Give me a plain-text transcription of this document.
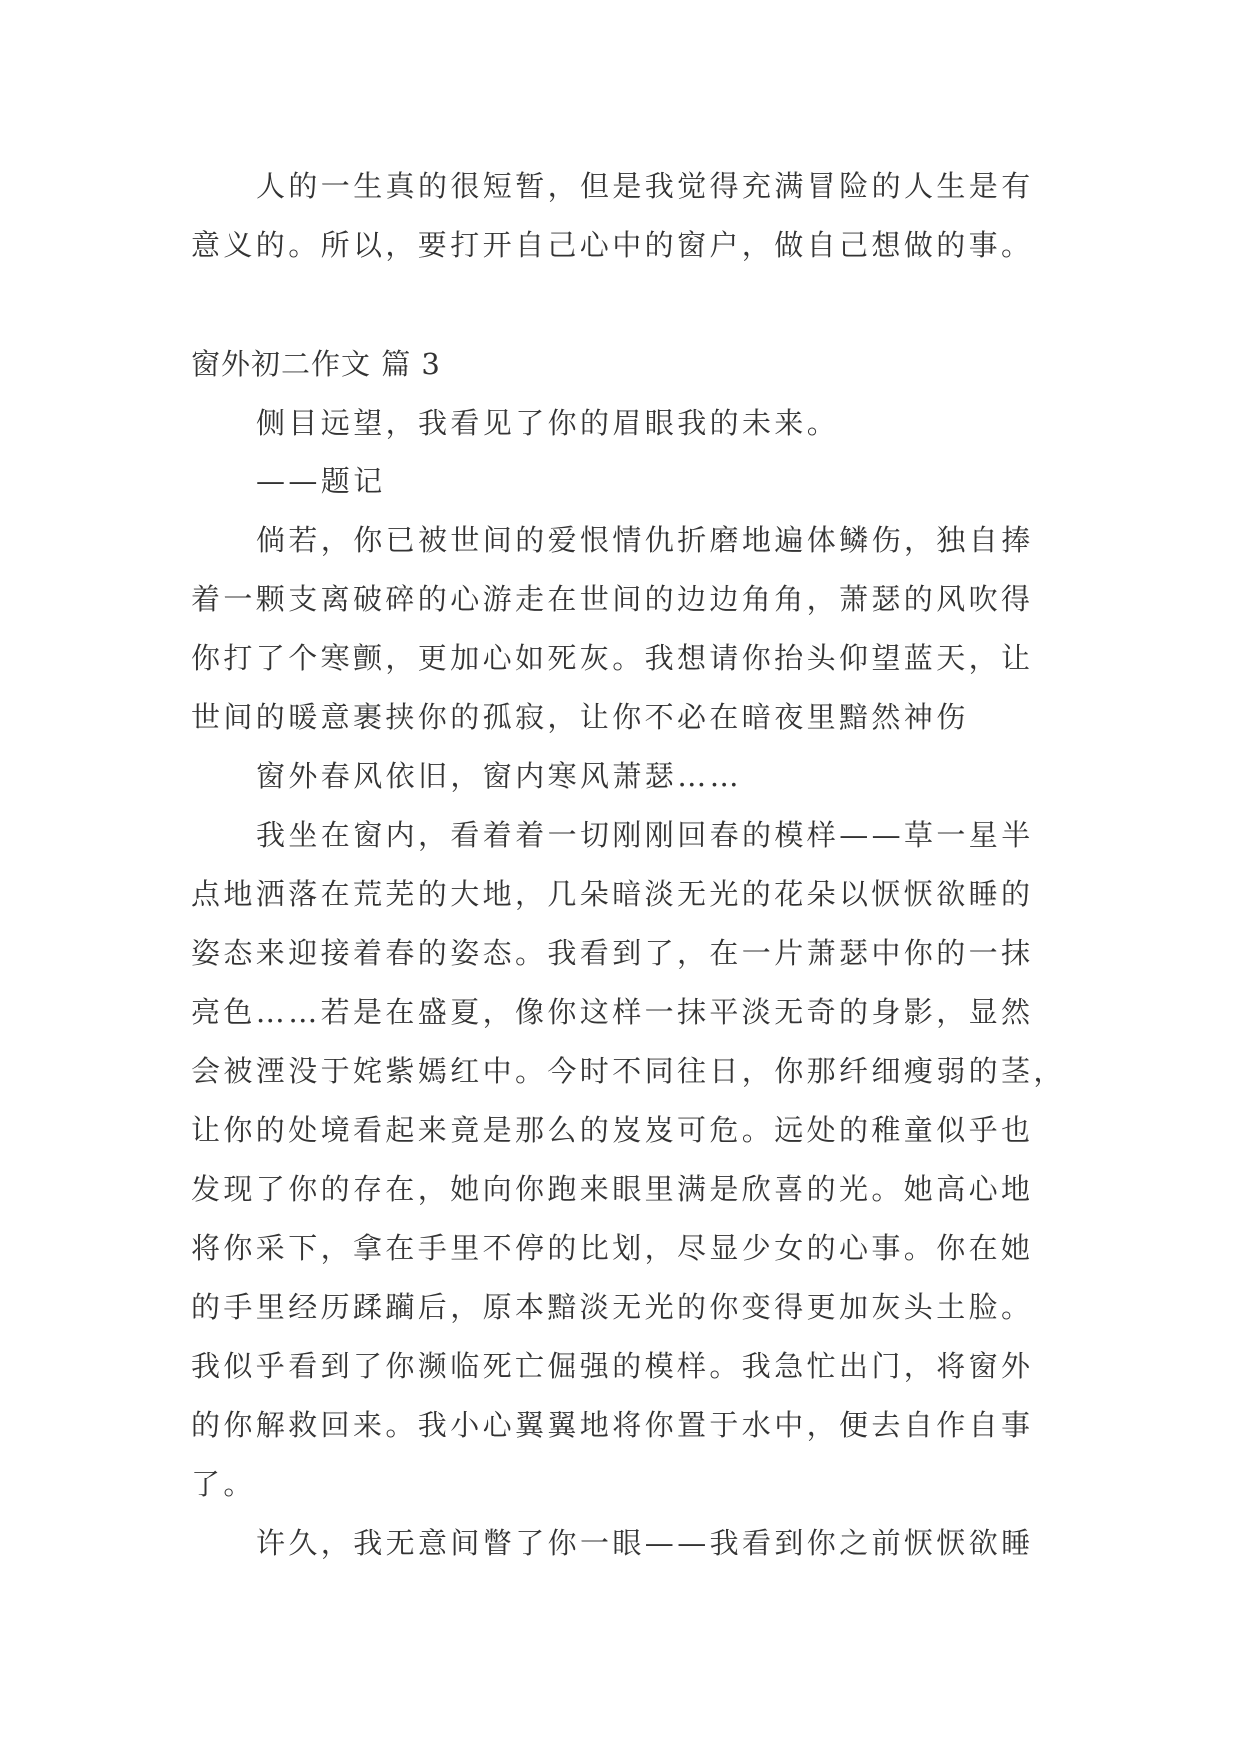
人的一生真的很短暂，但是我觉得充满冒险的人生是有
意义的。所以，要打开自己心中的窗户，做自己想做的事。
窗外初二作文 篇 3
侧目远望，我看见了你的眉眼我的未来。
——题记
倘若，你已被世间的爱恨情仇折磨地遍体鳞伤，独自捧
着一颗支离破碎的心游走在世间的边边角角，萧瑟的风吹得
你打了个寒颤，更加心如死灰。我想请你抬头仰望蓝天，让
世间的暖意裹挟你的孤寂，让你不必在暗夜里黯然神伤
窗外春风依旧，窗内寒风萧瑟……
我坐在窗内，看着着一切刚刚回春的模样——草一星半
点地洒落在荒芜的大地，几朵暗淡无光的花朵以恹恹欲睡的
姿态来迎接着春的姿态。我看到了，在一片萧瑟中你的一抹
亮色……若是在盛夏，像你这样一抹平淡无奇的身影，显然
会被湮没于姹紫嫣红中。今时不同往日，你那纤细瘦弱的茎，
让你的处境看起来竟是那么的岌岌可危。远处的稚童似乎也
发现了你的存在，她向你跑来眼里满是欣喜的光。她高心地
将你采下，拿在手里不停的比划，尽显少女的心事。你在她
的手里经历蹂躏后，原本黯淡无光的你变得更加灰头土脸。
我似乎看到了你濒临死亡倔强的模样。我急忙出门，将窗外
的你解救回来。我小心翼翼地将你置于水中，便去自作自事
了。
许久，我无意间瞥了你一眼——我看到你之前恹恹欲睡
